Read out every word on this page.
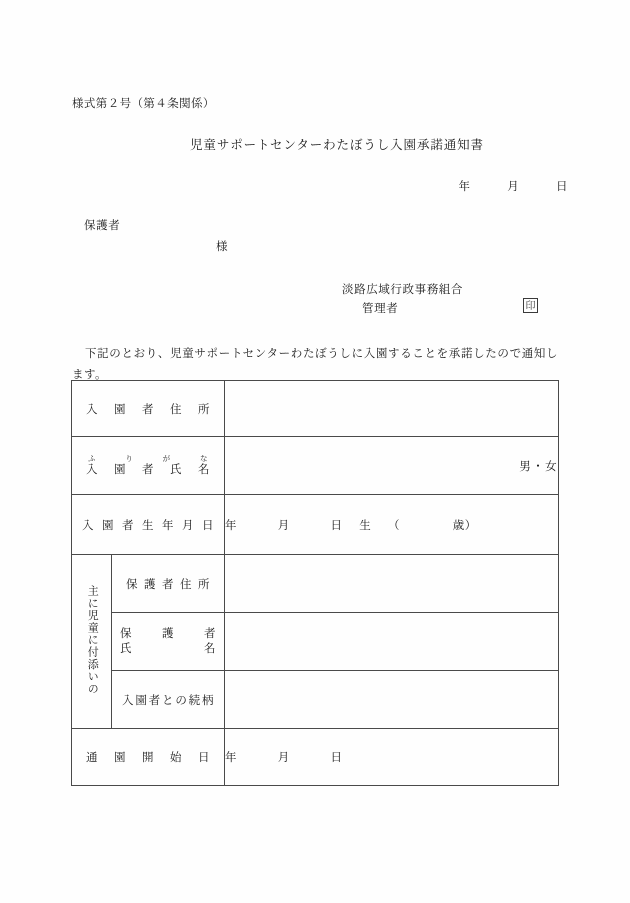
様式第２号（第４条関係）
児童サポートセンターわたぼうし入園承諾通知書
年	月	日
保護者
様
淡路広域行政事務組合
管理者	印
下記のとおり、児童サポートセンターわたぼうしに入園することを承諾したので通知します。
入園者住所		

ふりがな
入園者氏名		男・女

入園者生年月日		年 月 日 生 （ 歳）
主に児童に付添いの	保護者住所	

	保護者
氏名	

	入園者との続柄	

通園開始日		年 月 日
